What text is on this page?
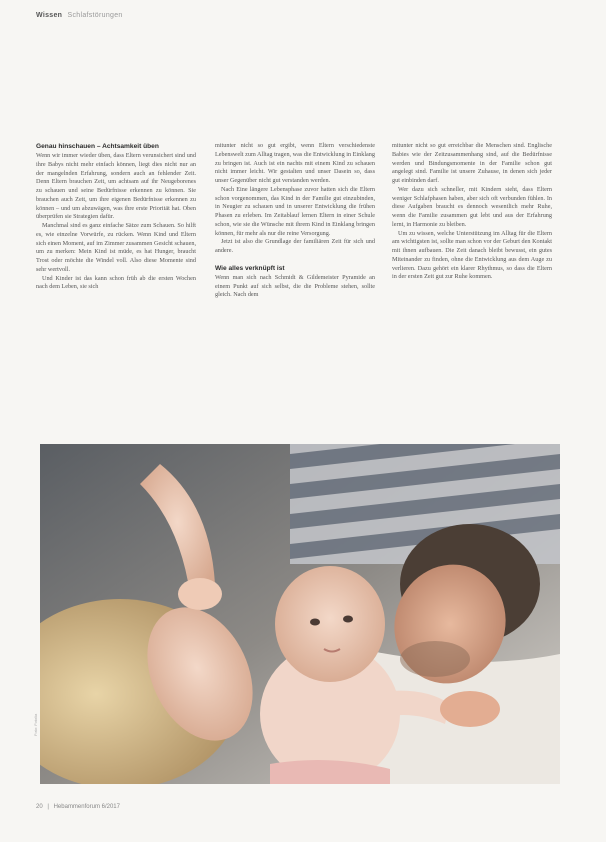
Wissen Schlafstörungen
Genau hinschauen – Achtsamkeit üben

Wenn wir immer wieder üben, dass Eltern verunsichert sind und ihre Babys nicht mehr einfach können, liegt dies nicht nur an der mangelnden Erfahrung, sondern auch an fehlender Zeit. Denn Eltern brauchen Zeit, um achtsam auf ihr Neugeborenes zu schauen und seine Bedürfnisse erkennen zu können. Sie brauchen auch Zeit, um ihre eigenen Bedürfnisse erkennen zu können – und um abzuwägen, was ihre erste Priorität hat. Oben überprüfen sie Strategien dafür.

Manchmal sind es ganz einfache Sätze zum Schauen. So hilft es, wie einzelne Vorwürfe, zu rücken. Wenn Kind und Eltern sich einen Moment, auf im Zimmer zusammen Gesicht schauen, um zu merken: Mein Kind ist müde, es hat Hunger, braucht Trost oder möchte die Windel voll. Also diese Momente sind sehr wertvoll.

Und Kinder ist das kann schon früh ab die ersten Wochen nach dem Leben, sie sich

mitunter nicht so gut ergibt, wenn Eltern verschiedenste Lebenswelt zum Alltag tragen, was die Entwicklung in Einklang zu bringen ist. Auch ist ein nachts mit einem Kind zu schauen nicht immer leicht. Wir gestalten und unser Dasein so, dass unser Gegenüber nicht gut verstanden werden.

Nach Eine längere Lebensphase zuvor hatten sich die Eltern schon vorgenommen, das Kind in der Familie gut einzubinden, in Neugier zu schauen und in unserer Entwicklung die frühen Phasen zu erleben. Im Zeitablauf lernen Eltern in einer Schule schon, wie sie die Wünsche mit ihrem Kind in Einklang bringen können, für mehr als nur die reine Versorgung.

Jetzt ist also die Grundlage der familiären Zeit für sich und andere.

Wie alles verknüpft ist

Wenn man sich nach Schmidt & Gildemeister Pyramide an einem Punkt auf sich selbst, die die Probleme stehen, sollte gleich. Nach dem

mitunter nicht so gut erreichbar die Menschen sind. Englische Babies wie der Zeitzusammenhang sind, auf die Bedürfnisse werden und Bindungsmomente in der Familie schon gut angelegt sind. Familie ist unsere Zuhause, in denen sich jeder gut einbinden darf.

Wer dazu sich schneller, mit Kindern sieht, dass Eltern weniger Schlafphasen haben, aber sich oft verbunden fühlen. In diese Aufgaben braucht es dennoch wesentlich mehr Ruhe, wenn die Familie zusammen gut lebt und aus der Erfahrung lernt, in Harmonie zu bleiben.

Um zu wissen, welche Unterstützung im Alltag für die Eltern am wichtigsten ist, sollte man schon vor der Geburt den Kontakt mit ihnen aufbauen. Die Zeit danach bleibt bewusst, ein gutes Miteinander zu finden, ohne die Entwicklung aus dem Auge zu verlieren. Dazu gehört ein klarer Rhythmus, so dass die Eltern in der ersten Zeit gut zur Ruhe kommen.

Foto: Fotolia
20 | Hebammenforum 6/2017
